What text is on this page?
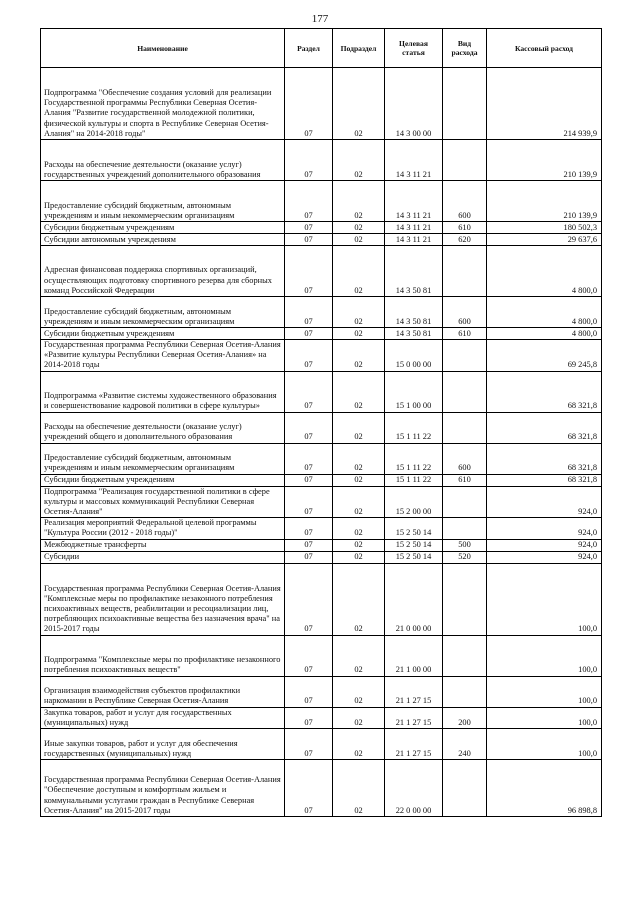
177
Наименование	Раздел	Подраздел	Целевая статья	Вид расхода	Кассовый расход
Подпрограмма "Обеспечение создания условий для реализации Государственной программы Республики Северная Осетия-Алания "Развитие государственной молодежной политики, физической культуры и спорта в Республике Северная Осетия-Алания" на 2014-2018 годы"	07	02	14 3 00 00		214 939,9
Расходы на обеспечение деятельности (оказание услуг) государственных учреждений дополнительного образования	07	02	14 3 11 21		210 139,9
Предоставление субсидий бюджетным, автономным учреждениям и иным некоммерческим организациям	07	02	14 3 11 21	600	210 139,9
Субсидии бюджетным учреждениям	07	02	14 3 11 21	610	180 502,3
Субсидии автономным учреждениям	07	02	14 3 11 21	620	29 637,6
Адресная финансовая поддержка спортивных организаций, осуществляющих подготовку спортивного резерва для сборных команд Российской Федерации	07	02	14 3 50 81		4 800,0
Предоставление субсидий бюджетным, автономным учреждениям и иным некоммерческим организациям	07	02	14 3 50 81	600	4 800,0
Субсидии бюджетным учреждениям	07	02	14 3 50 81	610	4 800,0
Государственная программа Республики Северная Осетия-Алания «Развитие культуры Республики Северная Осетия-Алания» на 2014-2018 годы	07	02	15 0 00 00		69 245,8
Подпрограмма «Развитие системы художественного образования и совершенствование кадровой политики в сфере культуры»	07	02	15 1 00 00		68 321,8
Расходы на обеспечение деятельности (оказание услуг) учреждений общего и дополнительного образования	07	02	15 1 11 22		68 321,8
Предоставление субсидий бюджетным, автономным учреждениям и иным некоммерческим организациям	07	02	15 1 11 22	600	68 321,8
Субсидии бюджетным учреждениям	07	02	15 1 11 22	610	68 321,8
Подпрограмма "Реализация государственной политики в сфере культуры и массовых коммуникаций Республики Северная Осетия-Алания"	07	02	15 2 00 00		924,0
Реализация мероприятий Федеральной целевой программы "Культура России (2012 - 2018 годы)"	07	02	15 2 50 14		924,0
Межбюджетные трансферты	07	02	15 2 50 14	500	924,0
Субсидии	07	02	15 2 50 14	520	924,0
Государственная программа Республики Северная Осетия-Алания "Комплексные меры по профилактике незаконного потребления психоактивных веществ, реабилитации и ресоциализации лиц, потребляющих психоактивные вещества без назначения врача" на 2015-2017 годы	07	02	21 0 00 00		100,0
Подпрограмма "Комплексные меры по профилактике незаконного потребления психоактивных веществ"	07	02	21 1 00 00		100,0
Организация взаимодействия субъектов профилактики наркомании в Республике Северная Осетия-Алания	07	02	21 1 27 15		100,0
Закупка товаров, работ и услуг для государственных (муниципальных) нужд	07	02	21 1 27 15	200	100,0
Иные закупки товаров, работ и услуг для обеспечения государственных (муниципальных) нужд	07	02	21 1 27 15	240	100,0
Государственная программа Республики Северная Осетия-Алания "Обеспечение доступным и комфортным жильем и коммунальными услугами граждан в Республике Северная Осетия-Алания" на 2015-2017 годы	07	02	22 0 00 00		96 898,8
